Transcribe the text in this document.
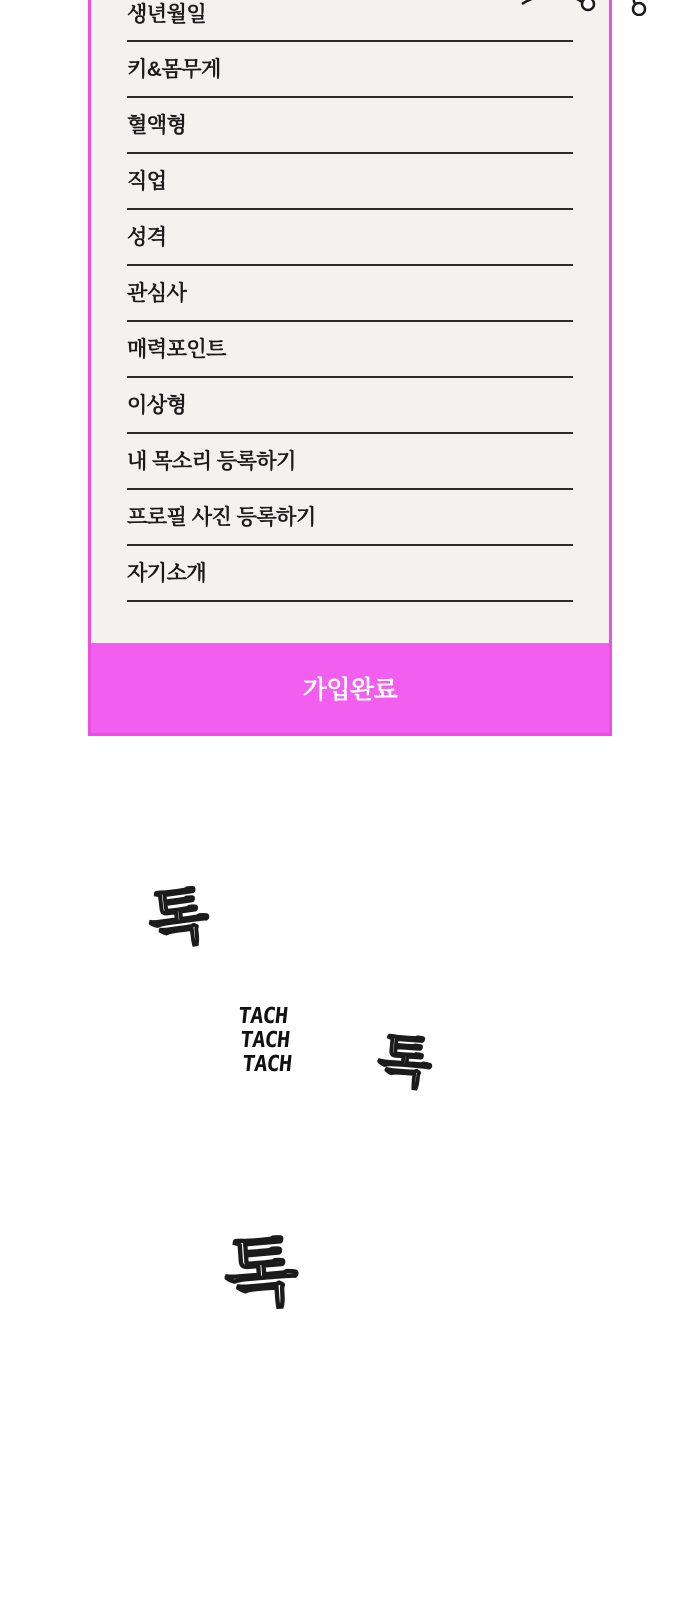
생년월일
키&몸무게
혈액형
직업
성격
관심사
매력포인트
이상형
내 목소리 등록하기
프로필 사진 등록하기
자기소개
가입완료
톡
톡
톡
TACH
TACH
TACH
